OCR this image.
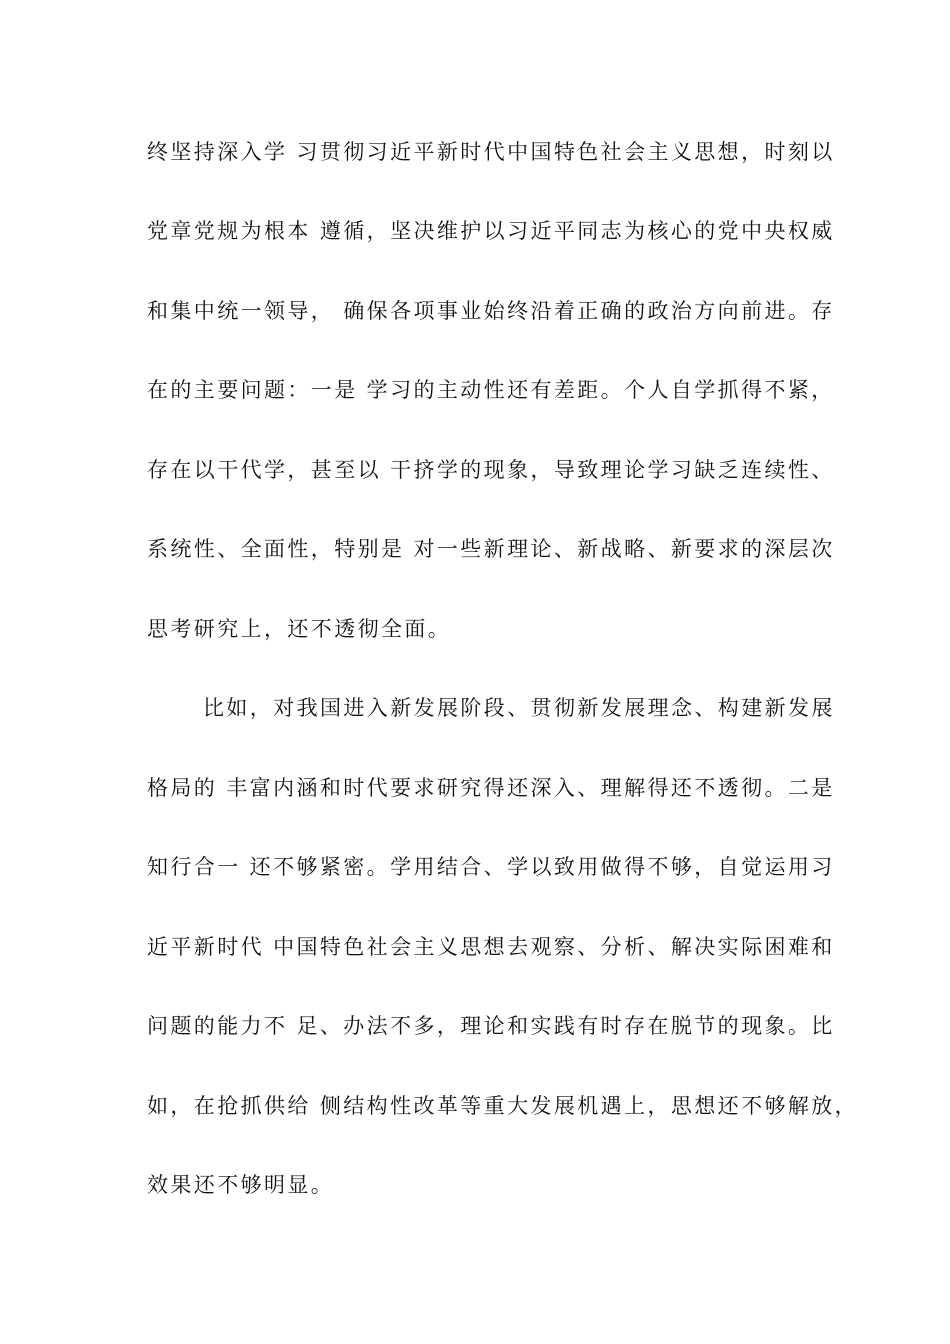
终坚持深入学 习贯彻习近平新时代中国特色社会主义思想，时刻以
党章党规为根本 遵循，坚决维护以习近平同志为核心的党中央权威
和集中统一领导， 确保各项事业始终沿着正确的政治方向前进。存
在的主要问题：一是 学习的主动性还有差距。个人自学抓得不紧，
存在以干代学，甚至以 干挤学的现象，导致理论学习缺乏连续性、
系统性、全面性，特别是 对一些新理论、新战略、新要求的深层次
思考研究上，还不透彻全面。
比如，对我国进入新发展阶段、贯彻新发展理念、构建新发展
格局的 丰富内涵和时代要求研究得还深入、理解得还不透彻。二是
知行合一 还不够紧密。学用结合、学以致用做得不够，自觉运用习
近平新时代 中国特色社会主义思想去观察、分析、解决实际困难和
问题的能力不 足、办法不多，理论和实践有时存在脱节的现象。比
如，在抢抓供给 侧结构性改革等重大发展机遇上，思想还不够解放，
效果还不够明显。
